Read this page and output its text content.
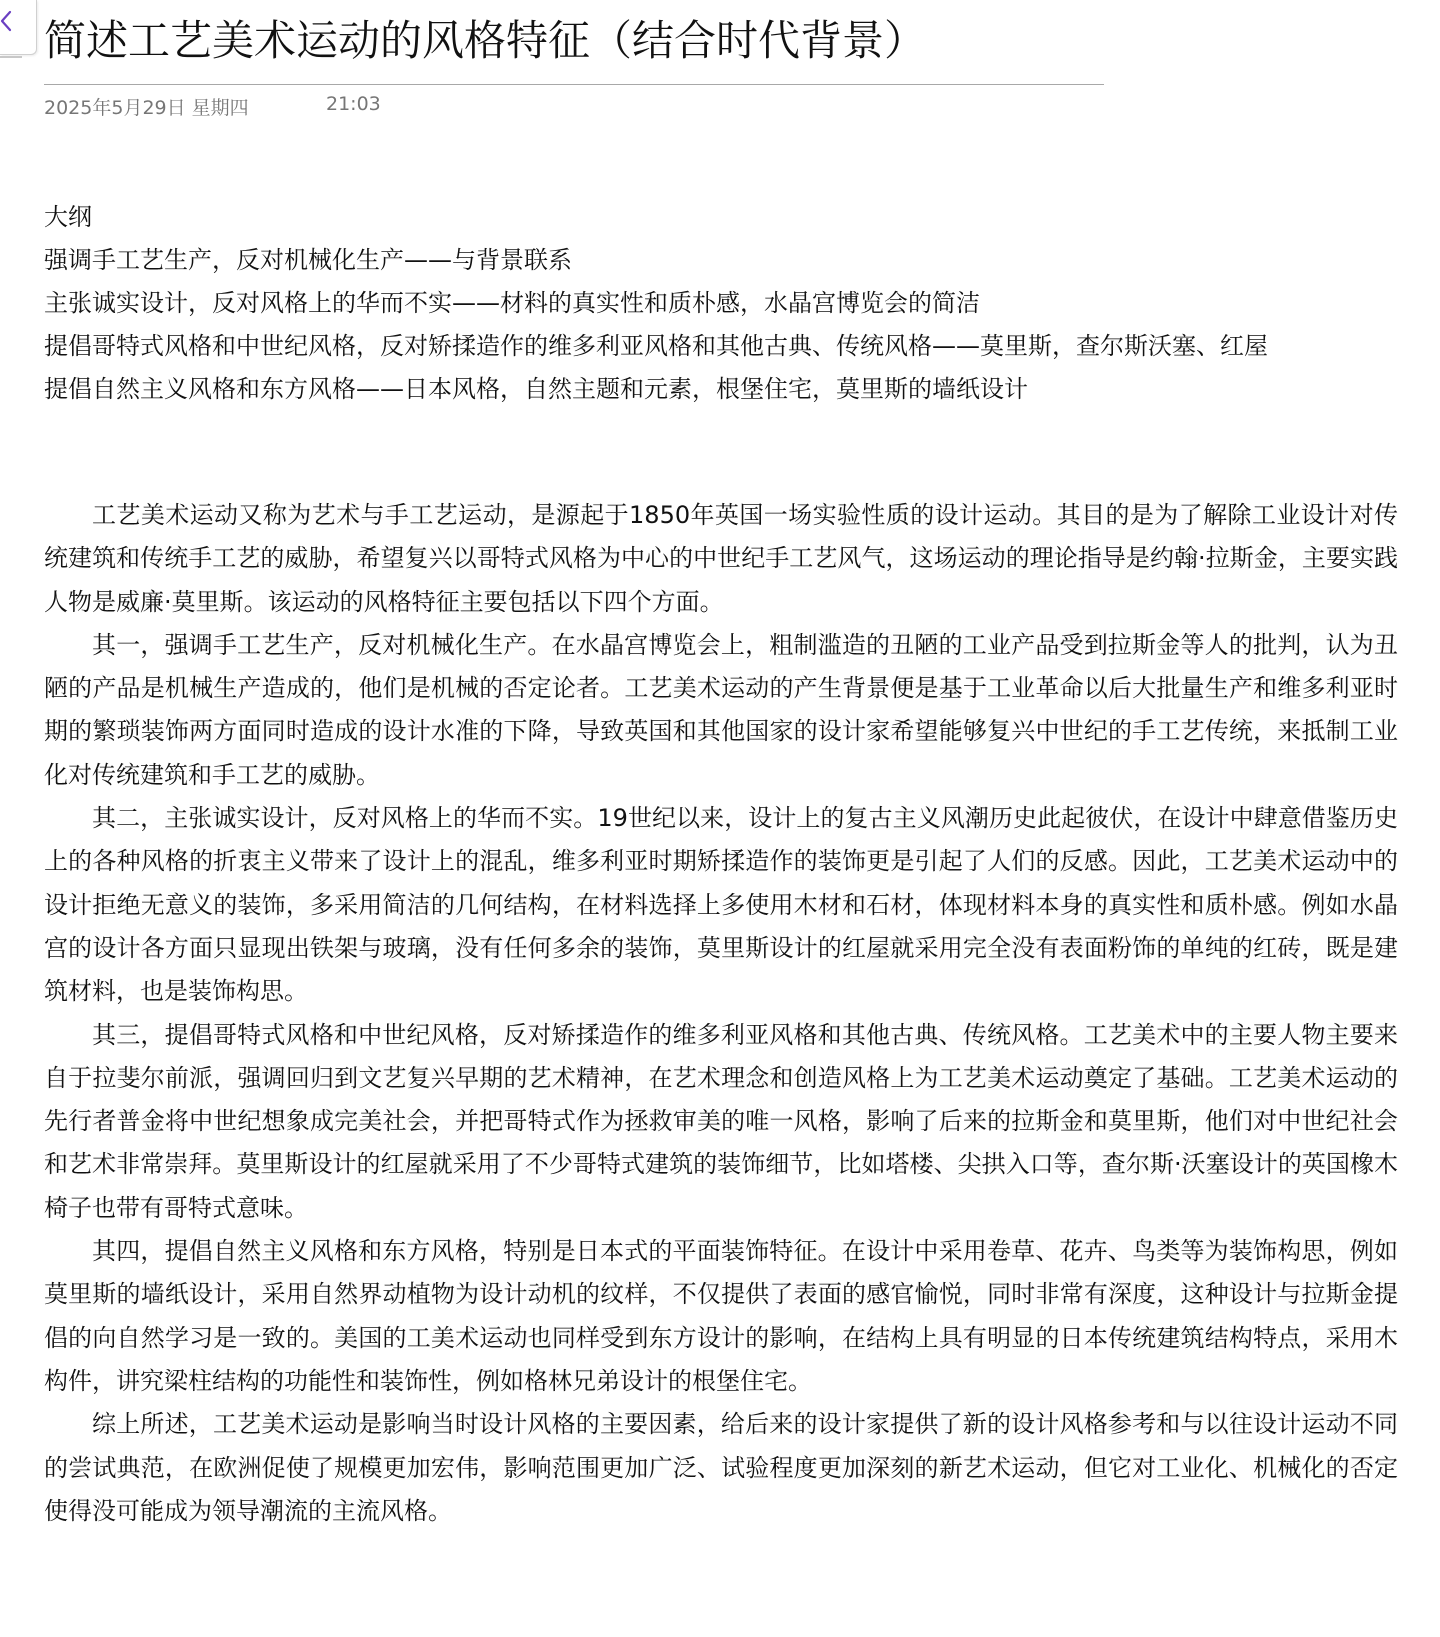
简述工艺美术运动的风格特征（结合时代背景）
2025年5月29日 星期四	21:03
大纲
强调手工艺生产，反对机械化生产——与背景联系
主张诚实设计，反对风格上的华而不实——材料的真实性和质朴感，水晶宫博览会的简洁
提倡哥特式风格和中世纪风格，反对矫揉造作的维多利亚风格和其他古典、传统风格——莫里斯，查尔斯沃塞、红屋
提倡自然主义风格和东方风格——日本风格，自然主题和元素，根堡住宅，莫里斯的墙纸设计

工艺美术运动又称为艺术与手工艺运动，是源起于1850年英国一场实验性质的设计运动。其目的是为了解除工业设计对传统建筑和传统手工艺的威胁，希望复兴以哥特式风格为中心的中世纪手工艺风气，这场运动的理论指导是约翰·拉斯金，主要实践人物是威廉·莫里斯。该运动的风格特征主要包括以下四个方面。

其一，强调手工艺生产，反对机械化生产。在水晶宫博览会上，粗制滥造的丑陋的工业产品受到拉斯金等人的批判，认为丑陋的产品是机械生产造成的，他们是机械的否定论者。工艺美术运动的产生背景便是基于工业革命以后大批量生产和维多利亚时期的繁琐装饰两方面同时造成的设计水准的下降，导致英国和其他国家的设计家希望能够复兴中世纪的手工艺传统，来抵制工业化对传统建筑和手工艺的威胁。

其二，主张诚实设计，反对风格上的华而不实。19世纪以来，设计上的复古主义风潮历史此起彼伏，在设计中肆意借鉴历史上的各种风格的折衷主义带来了设计上的混乱，维多利亚时期矫揉造作的装饰更是引起了人们的反感。因此，工艺美术运动中的设计拒绝无意义的装饰，多采用简洁的几何结构，在材料选择上多使用木材和石材，体现材料本身的真实性和质朴感。例如水晶宫的设计各方面只显现出铁架与玻璃，没有任何多余的装饰，莫里斯设计的红屋就采用完全没有表面粉饰的单纯的红砖，既是建筑材料，也是装饰构思。

其三，提倡哥特式风格和中世纪风格，反对矫揉造作的维多利亚风格和其他古典、传统风格。工艺美术中的主要人物主要来自于拉斐尔前派，强调回归到文艺复兴早期的艺术精神，在艺术理念和创造风格上为工艺美术运动奠定了基础。工艺美术运动的先行者普金将中世纪想象成完美社会，并把哥特式作为拯救审美的唯一风格，影响了后来的拉斯金和莫里斯，他们对中世纪社会和艺术非常崇拜。莫里斯设计的红屋就采用了不少哥特式建筑的装饰细节，比如塔楼、尖拱入口等，查尔斯·沃塞设计的英国橡木椅子也带有哥特式意味。

其四，提倡自然主义风格和东方风格，特别是日本式的平面装饰特征。在设计中采用卷草、花卉、鸟类等为装饰构思，例如莫里斯的墙纸设计，采用自然界动植物为设计动机的纹样，不仅提供了表面的感官愉悦，同时非常有深度，这种设计与拉斯金提倡的向自然学习是一致的。美国的工美术运动也同样受到东方设计的影响，在结构上具有明显的日本传统建筑结构特点，采用木构件，讲究梁柱结构的功能性和装饰性，例如格林兄弟设计的根堡住宅。

综上所述，工艺美术运动是影响当时设计风格的主要因素，给后来的设计家提供了新的设计风格参考和与以往设计运动不同的尝试典范，在欧洲促使了规模更加宏伟，影响范围更加广泛、试验程度更加深刻的新艺术运动，但它对工业化、机械化的否定使得没可能成为领导潮流的主流风格。
